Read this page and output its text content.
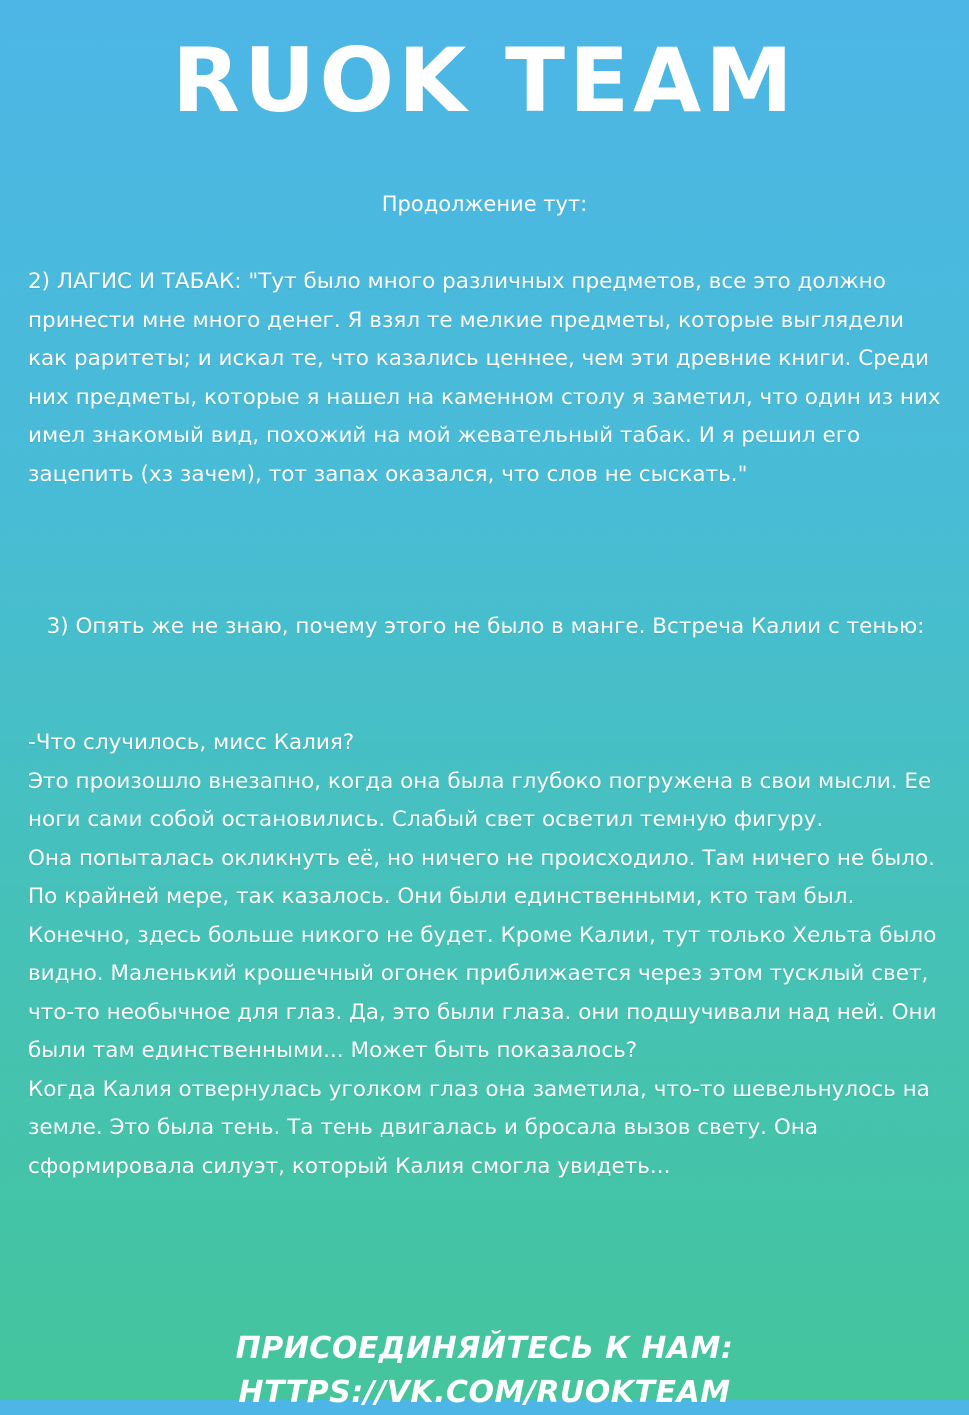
RUOK TEAM
Продолжение тут:

2) ЛАГИС И ТАБАК: "Тут было много различных предметов, все это должно принести мне много денег. Я взял те мелкие предметы, которые выглядели как раритеты; и искал те, что казались ценнее, чем эти древние книги. Среди них предметы, которые я нашел на каменном столу я заметил, что один из них имел знакомый вид, похожий на мой жевательный табак. И я решил его зацепить (хз зачем), тот запах оказался, что слов не сыскать."

3) Опять же не знаю, почему этого не было в манге. Встреча Калии с тенью:

-Что случилось, мисс Калия?

Это произошло внезапно, когда она была глубоко погружена в свои мысли. Ее ноги сами собой остановились. Слабый свет осветил темную фигуру.

Она попыталась окликнуть её, но ничего не происходило. Там ничего не было. По крайней мере, так казалось. Они были единственными, кто там был. Конечно, здесь больше никого не будет. Кроме Калии, тут только Хельта было видно. Маленький крошечный огонек приближается через этом тусклый свет, что-то необычное для глаз. Да, это были глаза. они подшучивали над ней. Они были там единственными... Может быть показалось?

Когда Калия отвернулась уголком глаз она заметила, что-то шевельнулось на земле. Это была тень. Та тень двигалась и бросала вызов свету. Она сформировала силуэт, который Калия смогла увидеть...

ПРИСОЕДИНЯЙТЕСЬ К НАМ: HTTPS://VK.COM/RUOKTEAM
